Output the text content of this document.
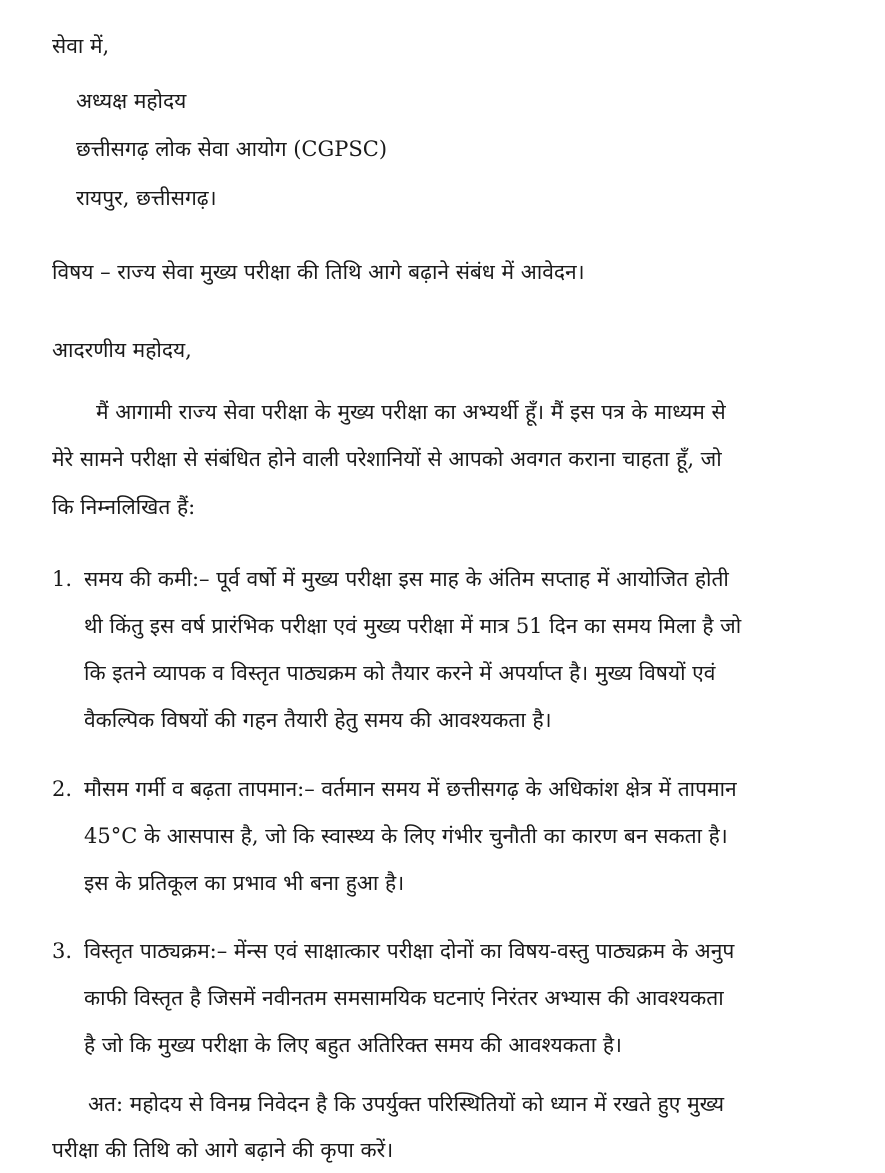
सेवा में,
अध्यक्ष महोदय
छत्तीसगढ़ लोक सेवा आयोग (CGPSC)
रायपुर, छत्तीसगढ़।
विषय – राज्य सेवा मुख्य परीक्षा की तिथि आगे बढ़ाने संबंध में आवेदन।
आदरणीय महोदय,
मैं आगामी राज्य सेवा परीक्षा के मुख्य परीक्षा का अभ्यर्थी हूँ। मैं इस पत्र के माध्यम से
मेरे सामने परीक्षा से संबंधित होने वाली परेशानियों से आपको अवगत कराना चाहता हूँ, जो
कि निम्नलिखित हैं:
1. समय की कमी:– पूर्व वर्षो में मुख्य परीक्षा इस माह के अंतिम सप्ताह में आयोजित होती
थी किंतु इस वर्ष प्रारंभिक परीक्षा एवं मुख्य परीक्षा में मात्र 51 दिन का समय मिला है जो
कि इतने व्यापक व विस्तृत पाठ्यक्रम को तैयार करने में अपर्याप्त है। मुख्य विषयों एवं
वैकल्पिक विषयों की गहन तैयारी हेतु समय की आवश्यकता है।
2. मौसम गर्मी व बढ़ता तापमान:– वर्तमान समय में छत्तीसगढ़ के अधिकांश क्षेत्र में तापमान
45°C के आसपास है, जो कि स्वास्थ्य के लिए गंभीर चुनौती का कारण बन सकता है।
इस के प्रतिकूल का प्रभाव भी बना हुआ है।
3. विस्तृत पाठ्यक्रम:– मेंन्स एवं साक्षात्कार परीक्षा दोनों का विषय-वस्तु पाठ्यक्रम के अनुप
काफी विस्तृत है जिसमें नवीनतम समसामयिक घटनाएं निरंतर अभ्यास की आवश्यकता
है जो कि मुख्य परीक्षा के लिए बहुत अतिरिक्त समय की आवश्यकता है।
अत: महोदय से विनम्र निवेदन है कि उपर्युक्त परिस्थितियों को ध्यान में रखते हुए मुख्य
परीक्षा की तिथि को आगे बढ़ाने की कृपा करें।
